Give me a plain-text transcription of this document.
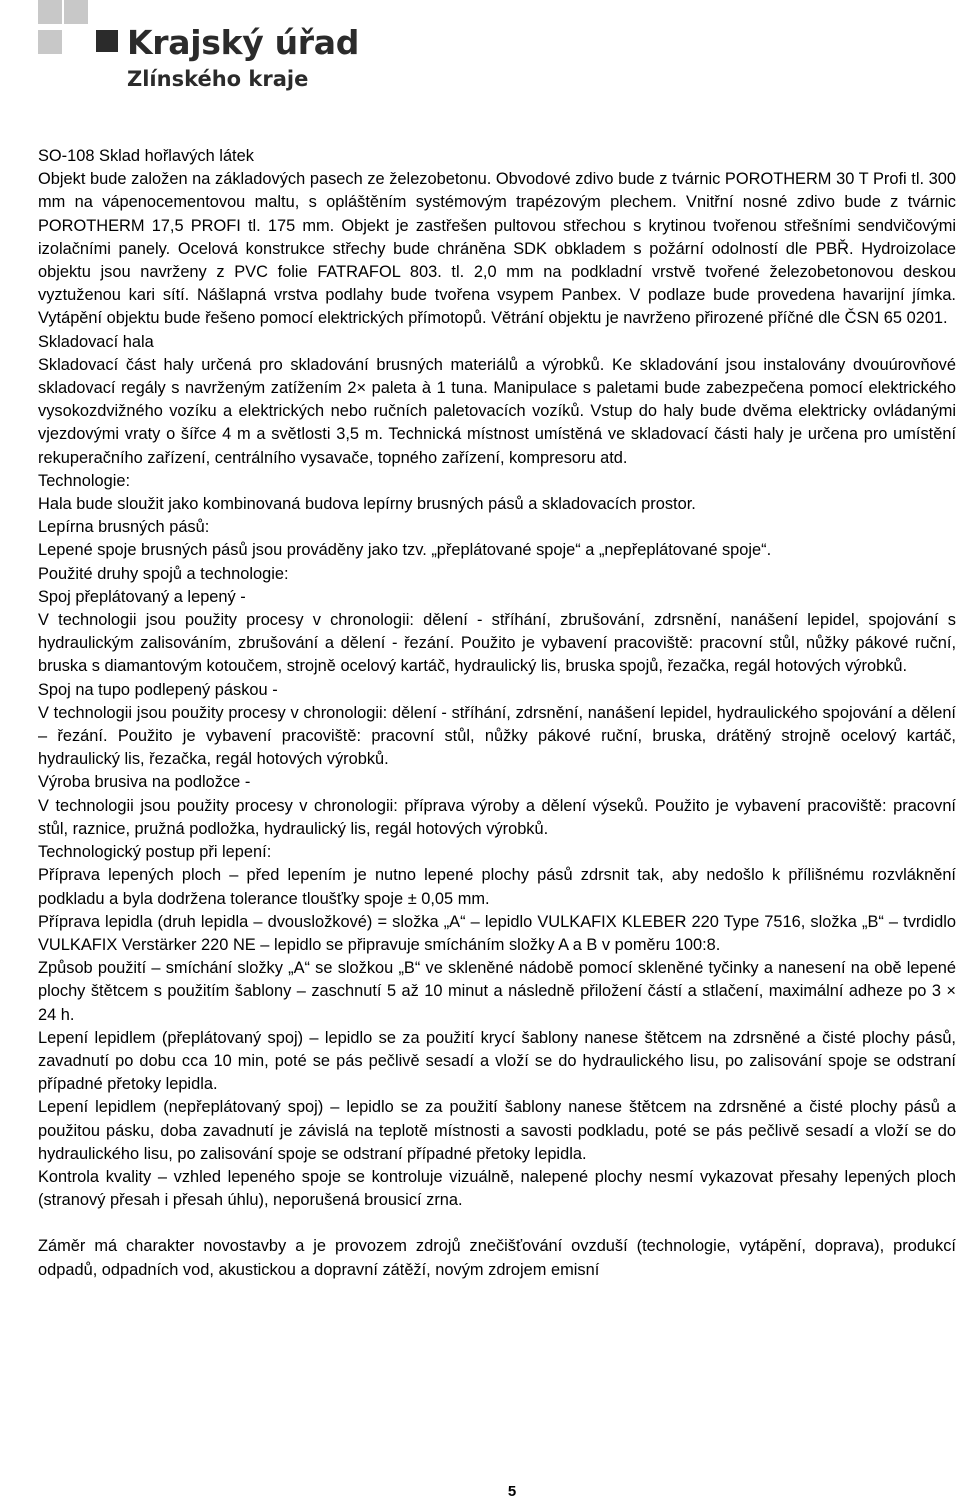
Krajský úřad
Zlínského kraje

SO-108 Sklad hořlavých látek

Objekt bude založen na základových pasech ze železobetonu. Obvodové zdivo bude z tvárnic POROTHERM 30 T Profi tl. 300 mm na vápenocementovou maltu, s opláštěním systémovým trapézovým plechem. Vnitřní nosné zdivo bude z tvárnic POROTHERM 17,5 PROFI tl. 175 mm. Objekt je zastřešen pultovou střechou s krytinou tvořenou střešními sendvičovými izolačními panely. Ocelová konstrukce střechy bude chráněna SDK obkladem s požární odolností dle PBŘ. Hydroizolace objektu jsou navrženy z PVC folie FATRAFOL 803. tl. 2,0 mm na podkladní vrstvě tvořené železobetonovou deskou vyztuženou kari sítí. Nášlapná vrstva podlahy bude tvořena vsypem Panbex. V podlaze bude provedena havarijní jímka. Vytápění objektu bude řešeno pomocí elektrických přímotopů. Větrání objektu je navrženo přirozené příčné dle ČSN 65 0201.

Skladovací hala

Skladovací část haly určená pro skladování brusných materiálů a výrobků. Ke skladování jsou instalovány dvouúrovňové skladovací regály s navrženým zatížením 2× paleta à 1 tuna. Manipulace s paletami bude zabezpečena pomocí elektrického vysokozdvižného vozíku a elektrických nebo ručních paletovacích vozíků. Vstup do haly bude dvěma elektricky ovládanými vjezdovými vraty o šířce 4 m a světlosti 3,5 m. Technická místnost umístěná ve skladovací části haly je určena pro umístění rekuperačního zařízení, centrálního vysavače, topného zařízení, kompresoru atd.

Technologie:

Hala bude sloužit jako kombinovaná budova lepírny brusných pásů a skladovacích prostor.

Lepírna brusných pásů:

Lepené spoje brusných pásů jsou prováděny jako tzv. „přeplátované spoje“ a „nepřeplátované spoje“.

Použité druhy spojů a technologie:

Spoj přeplátovaný a lepený -

V technologii jsou použity procesy v chronologii: dělení - stříhání, zbrušování, zdrsnění, nanášení lepidel, spojování s hydraulickým zalisováním, zbrušování a dělení - řezání. Použito je vybavení pracoviště: pracovní stůl, nůžky pákové ruční, bruska s diamantovým kotoučem, strojně ocelový kartáč, hydraulický lis, bruska spojů, řezačka, regál hotových výrobků.

Spoj na tupo podlepený páskou -

V technologii jsou použity procesy v chronologii: dělení - stříhání, zdrsnění, nanášení lepidel, hydraulického spojování a dělení – řezání. Použito je vybavení pracoviště: pracovní stůl, nůžky pákové ruční, bruska, drátěný strojně ocelový kartáč, hydraulický lis, řezačka, regál hotových výrobků.

Výroba brusiva na podložce -

V technologii jsou použity procesy v chronologii: příprava výroby a dělení výseků. Použito je vybavení pracoviště: pracovní stůl, raznice, pružná podložka, hydraulický lis, regál hotových výrobků.

Technologický postup při lepení:

Příprava lepených ploch – před lepením je nutno lepené plochy pásů zdrsnit tak, aby nedošlo k přílišnému rozvláknění podkladu a byla dodržena tolerance tloušťky spoje ± 0,05 mm.

Příprava lepidla (druh lepidla – dvousložkové) = složka „A“ – lepidlo VULKAFIX KLEBER 220 Type 7516, složka „B“ – tvrdidlo VULKAFIX Verstärker 220 NE – lepidlo se připravuje smícháním složky A a B v poměru 100:8.

Způsob použití – smíchání složky „A“ se složkou „B“ ve skleněné nádobě pomocí skleněné tyčinky a nanesení na obě lepené plochy štětcem s použitím šablony – zaschnutí 5 až 10 minut a následně přiložení částí a stlačení, maximální adheze po 3 × 24 h.

Lepení lepidlem (přeplátovaný spoj) – lepidlo se za použití krycí šablony nanese štětcem na zdrsněné a čisté plochy pásů, zavadnutí po dobu cca 10 min, poté se pás pečlivě sesadí a vloží se do hydraulického lisu, po zalisování spoje se odstraní případné přetoky lepidla.

Lepení lepidlem (nepřeplátovaný spoj) – lepidlo se za použití šablony nanese štětcem na zdrsněné a čisté plochy pásů a použitou pásku, doba zavadnutí je závislá na teplotě místnosti a savosti podkladu, poté se pás pečlivě sesadí a vloží se do hydraulického lisu, po zalisování spoje se odstraní případné přetoky lepidla.

Kontrola kvality – vzhled lepeného spoje se kontroluje vizuálně, nalepené plochy nesmí vykazovat přesahy lepených ploch (stranový přesah i přesah úhlu), neporušená brousicí zrna.

Záměr má charakter novostavby a je provozem zdrojů znečišťování ovzduší (technologie, vytápění, doprava), produkcí odpadů, odpadních vod, akustickou a dopravní zátěží, novým zdrojem emisní

5
